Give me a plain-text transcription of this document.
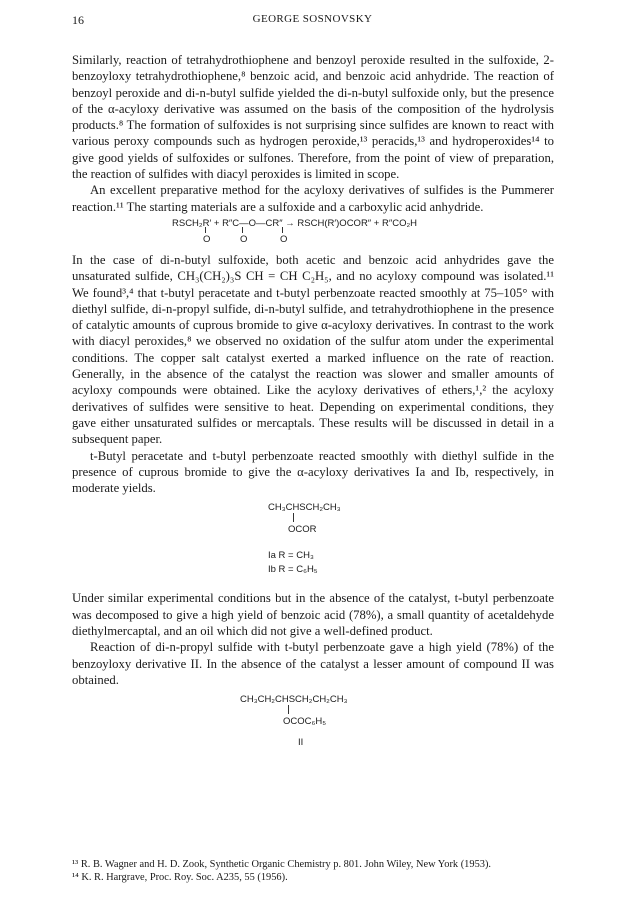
16	GEORGE SOSNOVSKY

Similarly, reaction of tetrahydrothiophene and benzoyl peroxide resulted in the sulfoxide, 2-benzoyloxy tetrahydrothiophene,⁸ benzoic acid, and benzoic acid anhydride. The reaction of benzoyl peroxide and di-n-butyl sulfide yielded the di-n-butyl sulfoxide only, but the presence of the α-acyloxy derivative was assumed on the basis of the composition of the hydrolysis products.⁸ The formation of sulfoxides is not surprising since sulfides are known to react with various peroxy compounds such as hydrogen peroxide,¹³ peracids,¹³ and hydroperoxides¹⁴ to give good yields of sulfoxides or sulfones. Therefore, from the point of view of preparation, the reaction of sulfides with diacyl peroxides is limited in scope.

An excellent preparative method for the acyloxy derivatives of sulfides is the Pummerer reaction.¹¹ The starting materials are a sulfoxide and a carboxylic acid anhydride.

RSCH₂R′ + R″C—O—CR″ → RSCH(R′)OCOR″ + R″CO₂H
O	O	O

In the case of di-n-butyl sulfoxide, both acetic and benzoic acid anhydrides gave the unsaturated sulfide, CH₃(CH₂)₃S CH = CH C₂H₅, and no acyloxy compound was isolated.¹¹ We found³,⁴ that t-butyl peracetate and t-butyl perbenzoate reacted smoothly at 75–105° with diethyl sulfide, di-n-propyl sulfide, di-n-butyl sulfide, and tetrahydrothiophene in the presence of catalytic amounts of cuprous bromide to give α-acyloxy derivatives. In contrast to the work with diacyl peroxides,⁸ we observed no oxidation of the sulfur atom under the experimental conditions. The copper salt catalyst exerted a marked influence on the rate of reaction. Generally, in the absence of the catalyst the reaction was slower and smaller amounts of acyloxy compounds were obtained. Like the acyloxy derivatives of ethers,¹,² the acyloxy derivatives of sulfides were sensitive to heat. Depending on experimental conditions, they gave either unsaturated sulfides or mercaptals. These results will be discussed in detail in a subsequent paper.

t-Butyl peracetate and t-butyl perbenzoate reacted smoothly with diethyl sulfide in the presence of cuprous bromide to give the α-acyloxy derivatives Ia and Ib, respectively, in moderate yields.

CH₃CHSCH₂CH₃
OCOR
Ia R = CH₃
Ib R = C₆H₅

Under similar experimental conditions but in the absence of the catalyst, t-butyl perbenzoate was decomposed to give a high yield of benzoic acid (78%), a small quantity of acetaldehyde diethylmercaptal, and an oil which did not give a well-defined product.

Reaction of di-n-propyl sulfide with t-butyl perbenzoate gave a high yield (78%) of the benzoyloxy derivative II. In the absence of the catalyst a lesser amount of compound II was obtained.

CH₃CH₂CHSCH₂CH₂CH₃
OCOC₆H₅
II
¹³ R. B. Wagner and H. D. Zook, Synthetic Organic Chemistry p. 801. John Wiley, New York (1953).
¹⁴ K. R. Hargrave, Proc. Roy. Soc. A235, 55 (1956).
